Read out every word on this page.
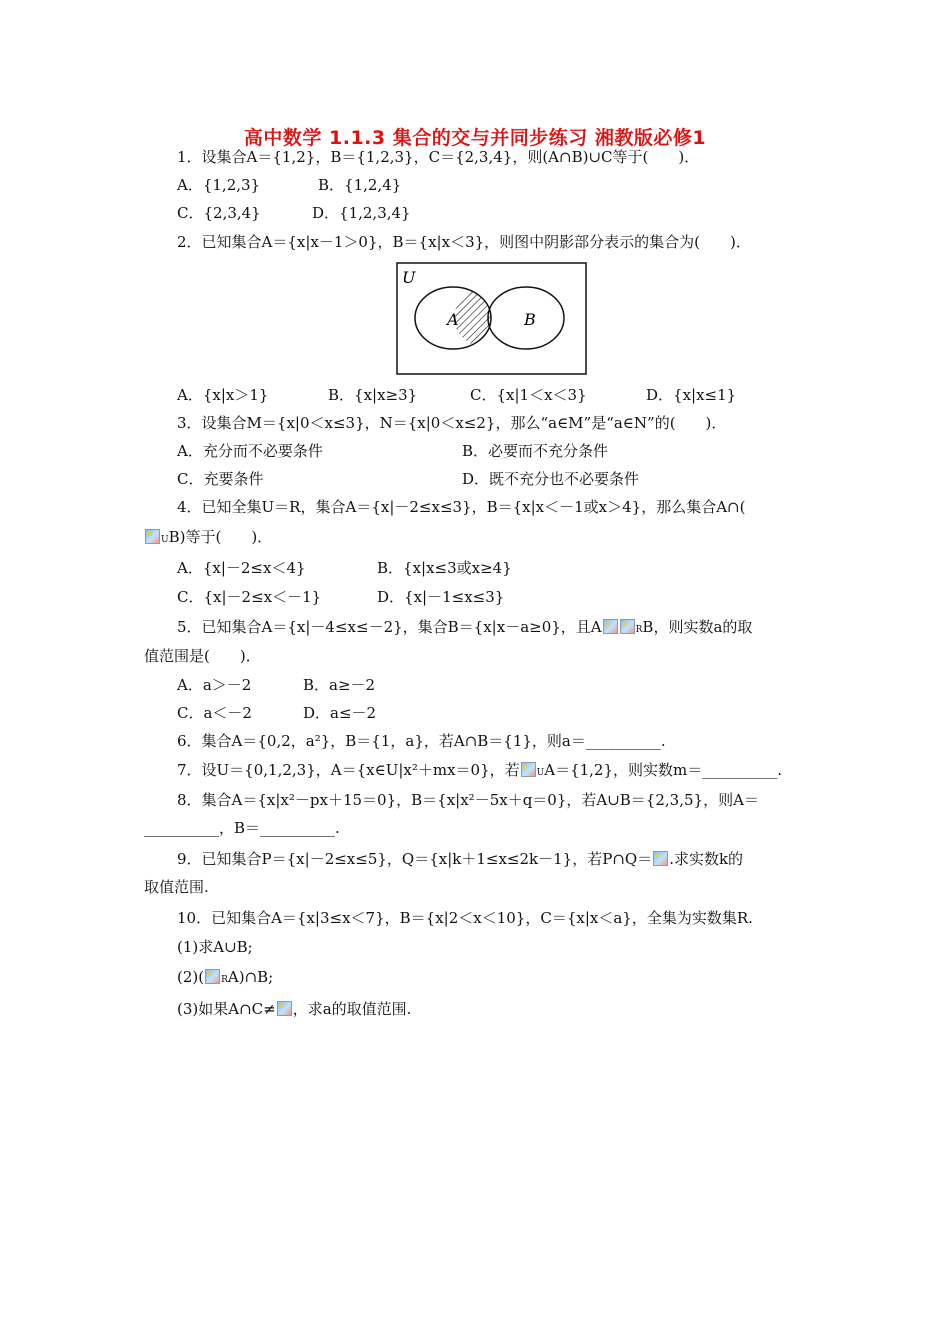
高中数学 1.1.3 集合的交与并同步练习 湘教版必修1
1．设集合A＝{1,2}，B＝{1,2,3}，C＝{2,3,4}，则(A∩B)∪C等于(　　)．
A．{1,2,3}	B．{1,2,4}
C．{2,3,4}	D．{1,2,3,4}
2．已知集合A＝{x|x－1＞0}，B＝{x|x＜3}，则图中阴影部分表示的集合为(　　)．
U
A	B
A．{x|x＞1}	B．{x|x≥3}	C．{x|1＜x＜3}	D．{x|x≤1}
3．设集合M＝{x|0＜x≤3}，N＝{x|0＜x≤2}，那么“a∈M”是“a∈N”的(　　)．
A．充分而不必要条件	B．必要而不充分条件
C．充要条件	D．既不充分也不必要条件
4．已知全集U＝R，集合A＝{x|－2≤x≤3}，B＝{x|x＜－1或x＞4}，那么集合A∩(
UB)等于(　　)．
A．{x|－2≤x＜4}	B．{x|x≤3或x≥4}
C．{x|－2≤x＜－1}	D．{x|－1≤x≤3}
5．已知集合A＝{x|－4≤x≤－2}，集合B＝{x|x－a≥0}，且A	RB，则实数a的取
值范围是(　　)．
A．a＞－2	B．a≥－2
C．a＜－2	D．a≤－2
6．集合A＝{0,2，a²}，B＝{1，a}，若A∩B＝{1}，则a＝__________.
7．设U＝{0,1,2,3}，A＝{x∈U|x²＋mx＝0}，若 UA＝{1,2}，则实数m＝__________.
8．集合A＝{x|x²－px＋15＝0}，B＝{x|x²－5x＋q＝0}，若A∪B＝{2,3,5}，则A＝
__________，B＝__________.
9．已知集合P＝{x|－2≤x≤5}，Q＝{x|k＋1≤x≤2k－1}，若P∩Q＝ .求实数k的
取值范围.
10．已知集合A＝{x|3≤x＜7}，B＝{x|2＜x＜10}，C＝{x|x＜a}，全集为实数集R.
(1)求A∪B;
(2)( RA)∩B;
(3)如果A∩C≠ ，求a的取值范围.
